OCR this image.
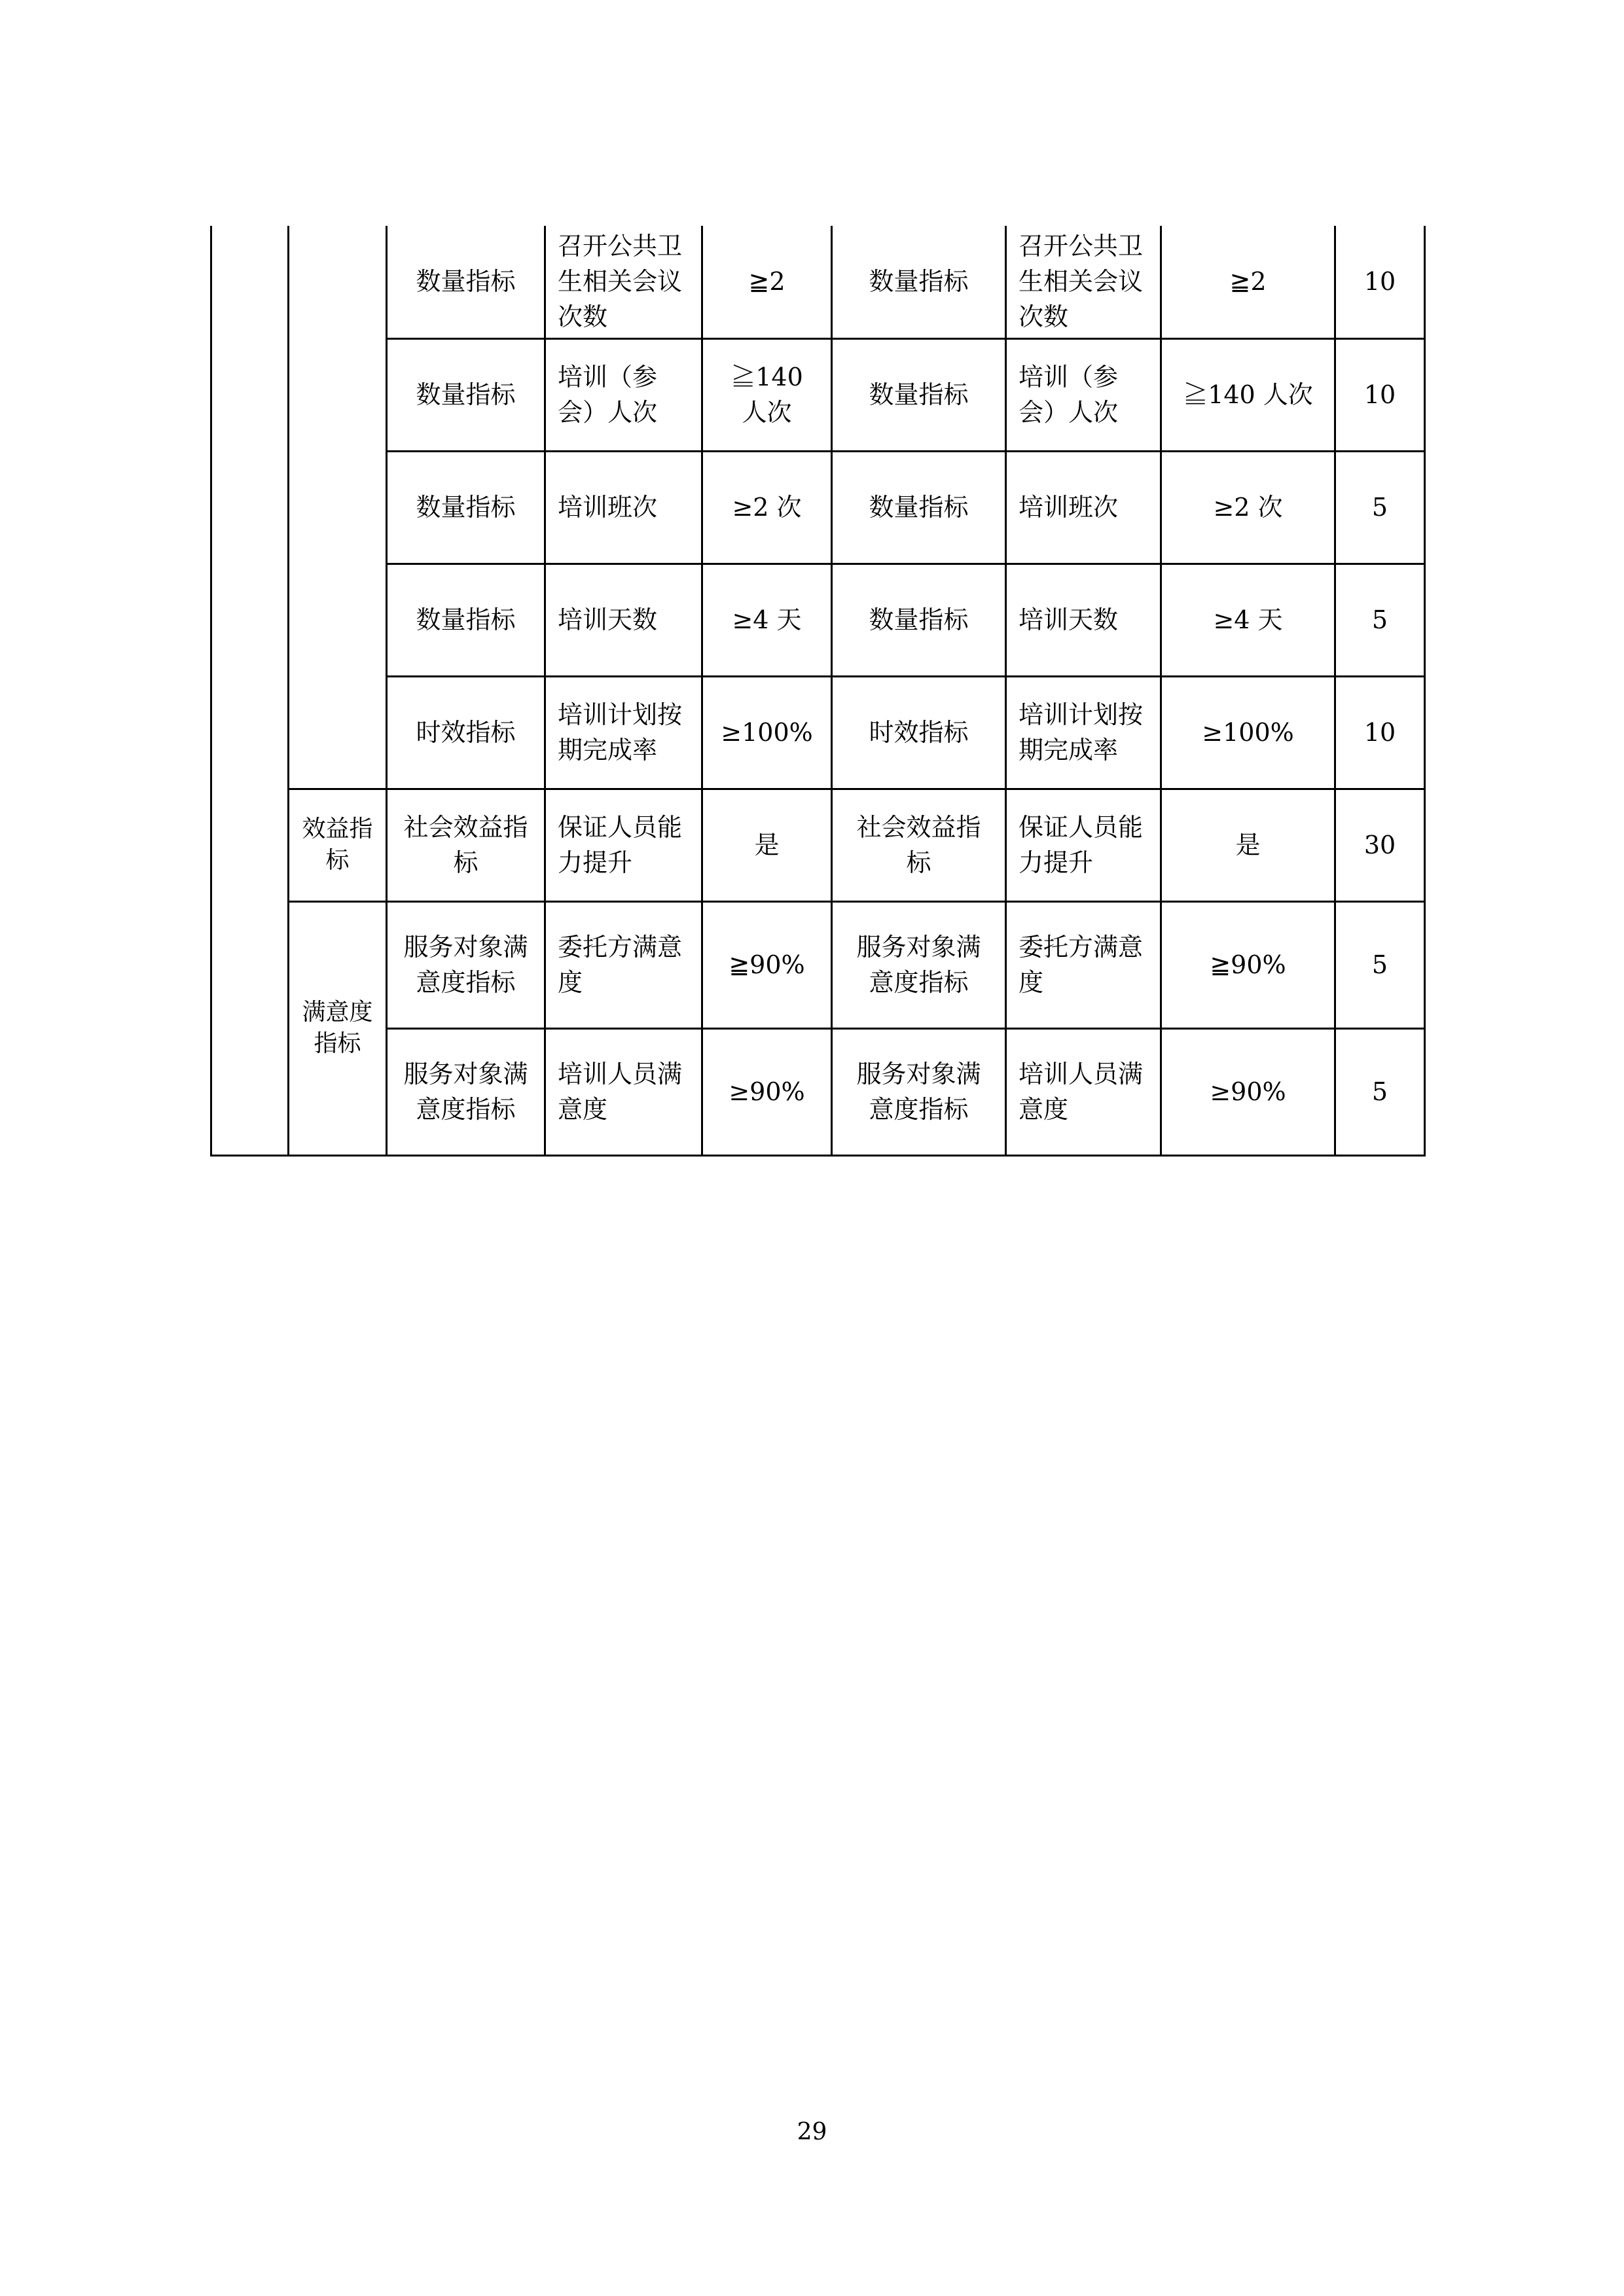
		数量指标	召开公共卫生相关会议次数	≧2	数量指标	召开公共卫生相关会议次数	≧2	10
		数量指标	培训（参会）人次	≧140 人次	数量指标	培训（参会）人次	≧140 人次	10
		数量指标	培训班次	≥2 次	数量指标	培训班次	≥2 次	5
		数量指标	培训天数	≥4 天	数量指标	培训天数	≥4 天	5
		时效指标	培训计划按期完成率	≥100%	时效指标	培训计划按期完成率	≥100%	10
	效益指标	社会效益指标	保证人员能力提升	是	社会效益指标	保证人员能力提升	是	30
	满意度指标	服务对象满意度指标	委托方满意度	≧90%	服务对象满意度指标	委托方满意度	≧90%	5
		服务对象满意度指标	培训人员满意度	≥90%	服务对象满意度指标	培训人员满意度	≥90%	5
29
